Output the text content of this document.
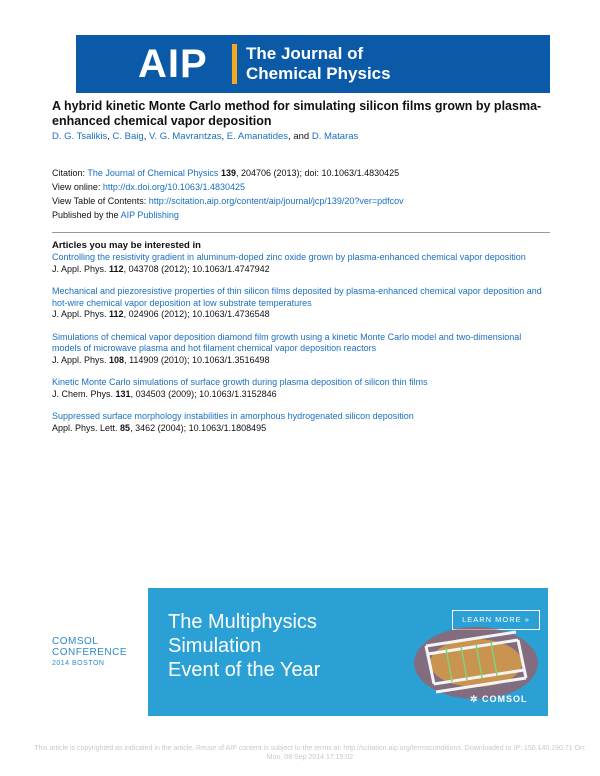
AIP The Journal of
Chemical Physics
A hybrid kinetic Monte Carlo method for simulating silicon films grown by plasma-enhanced chemical vapor deposition
D. G. Tsalikis, C. Baig, V. G. Mavrantzas, E. Amanatides, and D. Mataras
Citation: The Journal of Chemical Physics 139, 204706 (2013); doi: 10.1063/1.4830425
View online: http://dx.doi.org/10.1063/1.4830425
View Table of Contents: http://scitation.aip.org/content/aip/journal/jcp/139/20?ver=pdfcov
Published by the AIP Publishing
Articles you may be interested in
Controlling the resistivity gradient in aluminum-doped zinc oxide grown by plasma-enhanced chemical vapor deposition
J. Appl. Phys. 112, 043708 (2012); 10.1063/1.4747942
Mechanical and piezoresistive properties of thin silicon films deposited by plasma-enhanced chemical vapor deposition and hot-wire chemical vapor deposition at low substrate temperatures
J. Appl. Phys. 112, 024906 (2012); 10.1063/1.4736548
Simulations of chemical vapor deposition diamond film growth using a kinetic Monte Carlo model and two-dimensional models of microwave plasma and hot filament chemical vapor deposition reactors
J. Appl. Phys. 108, 114909 (2010); 10.1063/1.3516498
Kinetic Monte Carlo simulations of surface growth during plasma deposition of silicon thin films
J. Chem. Phys. 131, 034503 (2009); 10.1063/1.3152846
Suppressed surface morphology instabilities in amorphous hydrogenated silicon deposition
Appl. Phys. Lett. 85, 3462 (2004); 10.1063/1.1808495
COMSOL
CONFERENCE
2014 BOSTON
The Multiphysics
Simulation
Event of the Year
LEARN MORE »
✲ COMSOL
This article is copyrighted as indicated in the article. Reuse of AIP content is subject to the terms at: http://scitation.aip.org/termsconditions. Downloaded to IP: 150.140.190.71 On: Mon, 08 Sep 2014 17:15:02
